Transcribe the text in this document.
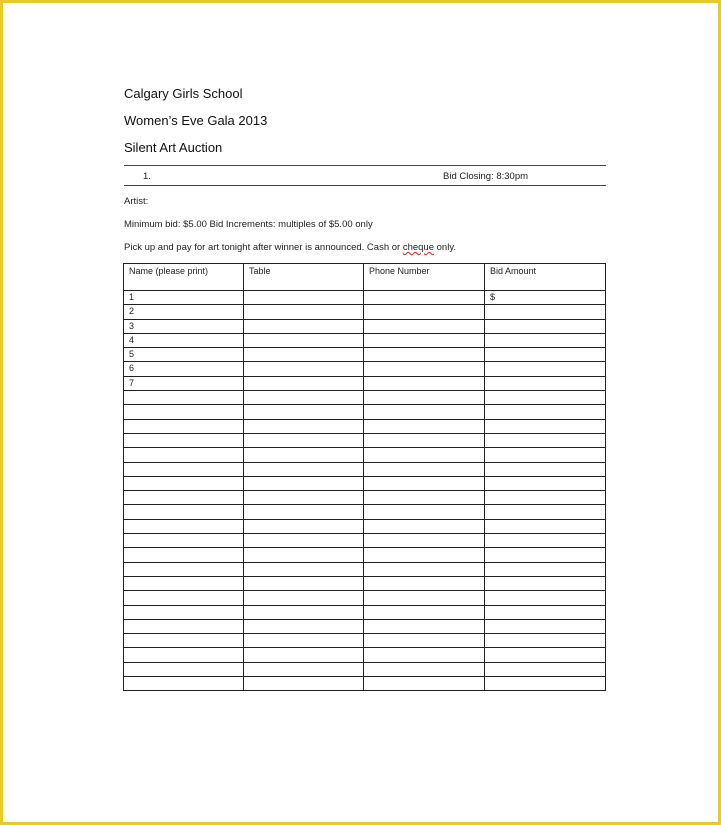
Calgary Girls School
Women’s Eve Gala 2013
Silent Art Auction
1.	Bid Closing: 8:30pm
Artist:
Minimum bid: $5.00 Bid Increments: multiples of $5.00 only
Pick up and pay for art tonight after winner is announced. Cash or cheque only.
Name (please print)	Table	Phone Number	Bid Amount
1			$
2			
3			
4			
5			
6			
7			
